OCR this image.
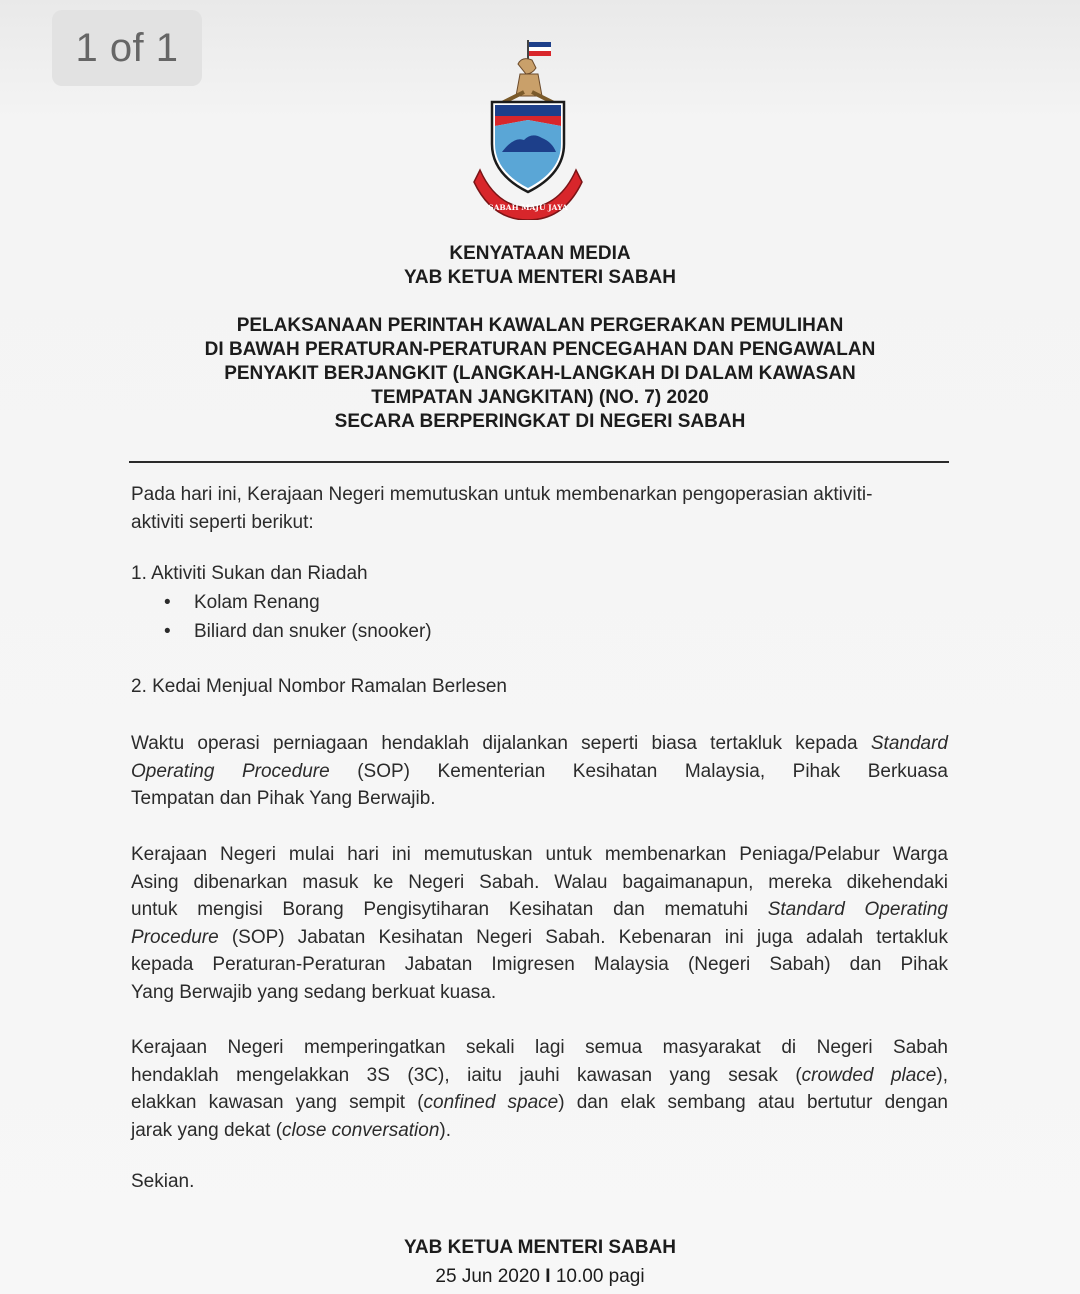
1 of 1
SABAH MAJU JAYA
KENYATAAN MEDIA
YAB KETUA MENTERI SABAH
PELAKSANAAN PERINTAH KAWALAN PERGERAKAN PEMULIHAN
DI BAWAH PERATURAN-PERATURAN PENCEGAHAN DAN PENGAWALAN
PENYAKIT BERJANGKIT (LANGKAH-LANGKAH DI DALAM KAWASAN
TEMPATAN JANGKITAN) (NO. 7) 2020
SECARA BERPERINGKAT DI NEGERI SABAH
Pada hari ini, Kerajaan Negeri memutuskan untuk membenarkan pengoperasian aktiviti-
aktiviti seperti berikut:
1. Aktiviti Sukan dan Riadah
• Kolam Renang
• Biliard dan snuker (snooker)
2. Kedai Menjual Nombor Ramalan Berlesen
Waktu operasi perniagaan hendaklah dijalankan seperti biasa tertakluk kepada Standard
Operating Procedure (SOP) Kementerian Kesihatan Malaysia, Pihak Berkuasa
Tempatan dan Pihak Yang Berwajib.
Kerajaan Negeri mulai hari ini memutuskan untuk membenarkan Peniaga/Pelabur Warga
Asing dibenarkan masuk ke Negeri Sabah. Walau bagaimanapun, mereka dikehendaki
untuk mengisi Borang Pengisytiharan Kesihatan dan mematuhi Standard Operating
Procedure (SOP) Jabatan Kesihatan Negeri Sabah. Kebenaran ini juga adalah tertakluk
kepada Peraturan-Peraturan Jabatan Imigresen Malaysia (Negeri Sabah) dan Pihak
Yang Berwajib yang sedang berkuat kuasa.
Kerajaan Negeri memperingatkan sekali lagi semua masyarakat di Negeri Sabah
hendaklah mengelakkan 3S (3C), iaitu jauhi kawasan yang sesak (crowded place),
elakkan kawasan yang sempit (confined space) dan elak sembang atau bertutur dengan
jarak yang dekat (close conversation).
Sekian.
YAB KETUA MENTERI SABAH
25 Jun 2020 I 10.00 pagi
